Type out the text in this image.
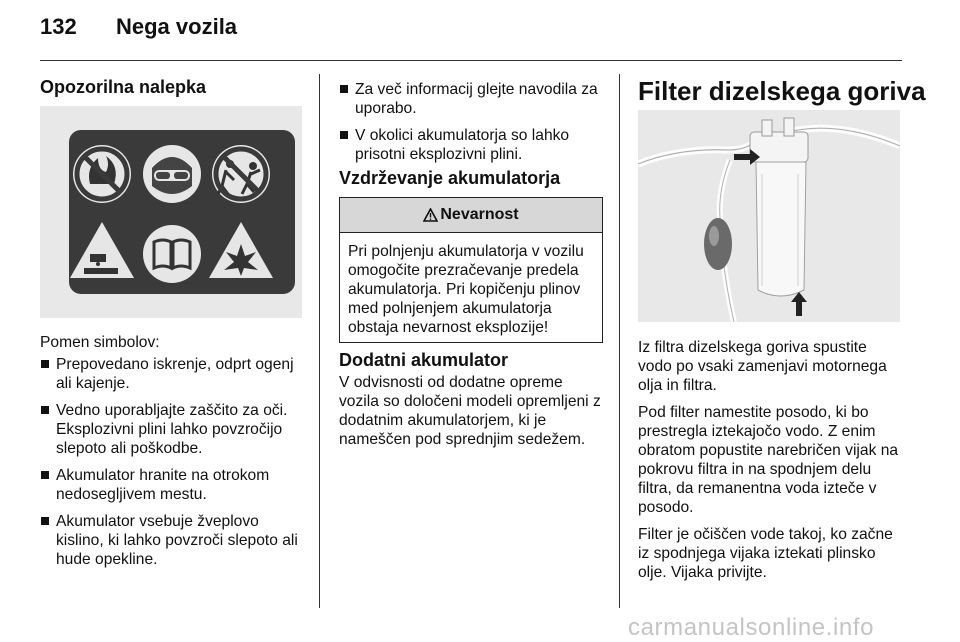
132 Nega vozila
Opozorilna nalepka
Pomen simbolov:
Prepovedano iskrenje, odprt ogenj ali kajenje.
Vedno uporabljajte zaščito za oči. Eksplozivni plini lahko povzročijo slepoto ali poškodbe.
Akumulator hranite na otrokom nedosegljivem mestu.
Akumulator vsebuje žveplovo kislino, ki lahko povzroči slepoto ali hude opekline.
Za več informacij glejte navodila za uporabo.
V okolici akumulatorja so lahko prisotni eksplozivni plini.
Vzdrževanje akumulatorja
Nevarnost
Pri polnjenju akumulatorja v vozilu omogočite prezračevanje predela akumulatorja. Pri kopičenju plinov med polnjenjem akumulatorja obstaja nevarnost eksplozije!
Dodatni akumulator
V odvisnosti od dodatne opreme vozila so določeni modeli opremljeni z dodatnim akumulatorjem, ki je nameščen pod sprednjim sedežem.
Filter dizelskega goriva

Iz filtra dizelskega goriva spustite vodo po vsaki zamenjavi motornega olja in filtra.

Pod filter namestite posodo, ki bo prestregla iztekajočo vodo. Z enim obratom popustite narebričen vijak na pokrovu filtra in na spodnjem delu filtra, da remanentna voda izteče v posodo.

Filter je očiščen vode takoj, ko začne iz spodnjega vijaka iztekati plinsko olje. Vijaka privijte.

carmanualsonline.info
